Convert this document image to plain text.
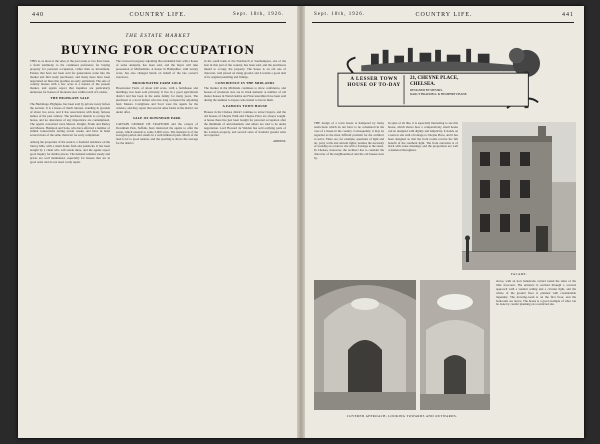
440	COUNTRY LIFE.	Sept. 18th, 1926.
THE ESTATE MARKET
BUYING FOR OCCUPATION
THIS is, as most of the sales of the past week or two have been, a fresh testimony to the continued preference for buying property for personal occupation, rather than as investment. Estates that have not been sold for generations come into the market and find ready purchasers, and many more have been negotiated on lines that promise an early settlement. The sale of country houses with a few acres is a feature of the present market, and agents report that inquiries are particularly numerous for houses of moderate size within reach of London.
THE HIGHGATE SALE
The Hermitage, Highgate, has been sold by private treaty before the auction. It is a house of much interest, standing in grounds of about two acres, and it has associations with many famous names of the past century. The purchaser intends to occupy the house, and no alterations of any importance are contemplated. The agents concerned were Messrs. Knight, Frank and Rutley and Messrs. Hampton and Sons, who have effected a number of similar transactions during recent weeks, and have in hand several more of the same character for early completion.
Among the properties of the week is a freehold residence on the Surrey hills, with a small home farm and paddocks. It has been bought by a client who will reside there, and the agents report good inquiry for similar places. The demand remains steady and prices are well maintained, especially for houses that are in good order and do not need costly repair.
The Cotswold property adjoining the residential belt, with a house of some antiquity, has been sold, and the buyer will take possession at Michaelmas. A house in Hampshire, with twenty acres, has also changed hands on behalf of the late owner's executors.
BROOKWATER FARM SOLD
Brookwater Farm, of about 240 acres, with a farmhouse and buildings, has been sold privately. It lies in a good agricultural district and has been in the same family for many years. The purchaser is a local farmer who has long occupied the adjoining land. Messrs. Castiglione and Scott were the agents for the vendors, and they report that several other farms in the district are under offer.
SALE OF DOWNHAM PARK
CAPTAIN GEORGE DE TRAFFORD and the owners of Downham Park, Suffolk, have instructed the agents to offer the estate, which extends to some 2,000 acres. The mansion is of the Georgian period and stands in a well-timbered park. Much of the land is let to good tenants, and the sporting is above the average for the district.
in the south bank of the Fenchurch at Southampton, one of the best in that part of the country, has been sold, and the purchasers intend to occupy the property. The house is an old one of character, well placed on rising ground, and it retains a good deal of its original panelling and fittings.
CONFIDENCE IN THE MIDLANDS
The market in the Midlands continues to show confidence, and houses of moderate size are in brisk demand. A number of old manor houses in Warwickshire and Worcestershire have been sold during the summer to buyers who intend to live in them.
A FAMOUS TOWN HOUSE
Houses in the Chelsea district continue to attract buyers, and the old houses of Cheyne Walk and Cheyne Place are always sought. A house there has just been bought for personal occupation after the minimum of advertisement, and others are said to be under negotiation. Lord Howard de Walden has sold outlying parts of his London property, and several sales of freehold ground rents are reported.
ARBITER.
Sept. 18th, 1926.	COUNTRY LIFE.	441
A LESSER TOWN HOUSE OF TO-DAY
21, CHEYNE PLACE,
CHELSEA.
DESIGNED BY MESSRS.
DARCY BRADDELL & HUMPHRY DEANE.
THE design of a town house is hampered by many restrictions which do not have to be considered in the case of a house in the country. Consequently, it may be regarded as the most difficult problem for the architect to solve. There are, for example, questions of light and air, party walls and ancient lights, besides the necessity of working on a narrow site with a frontage to the street. In Chelsea, moreover, the architect has to consider the character of the neighbourhood and the old houses near by.
In spite of all this, it is especially interesting to see this house, which shows how a comparatively small house can be designed with dignity and simplicity. It stands on a narrow site with a frontage to Cheyne Place, and it has been designed so that the front rooms receive the full benefit of the southern light. The front elevation is of brick with stone dressings, and the proportions are well considered throughout.
FACADE.
COVERED APPROACH, LOOKING TOWARDS AND OUTWARDS.
above, with an iron balustrade carried round the sides of the little forecourt. The entrance is reached through a covered approach with a vaulted ceiling and a circular light, and the whole of the ground floor is planned with considerable ingenuity. The drawing-room is on the first floor, and the bedrooms are above. The house is a good example of what can be done by careful planning on a restricted site.
